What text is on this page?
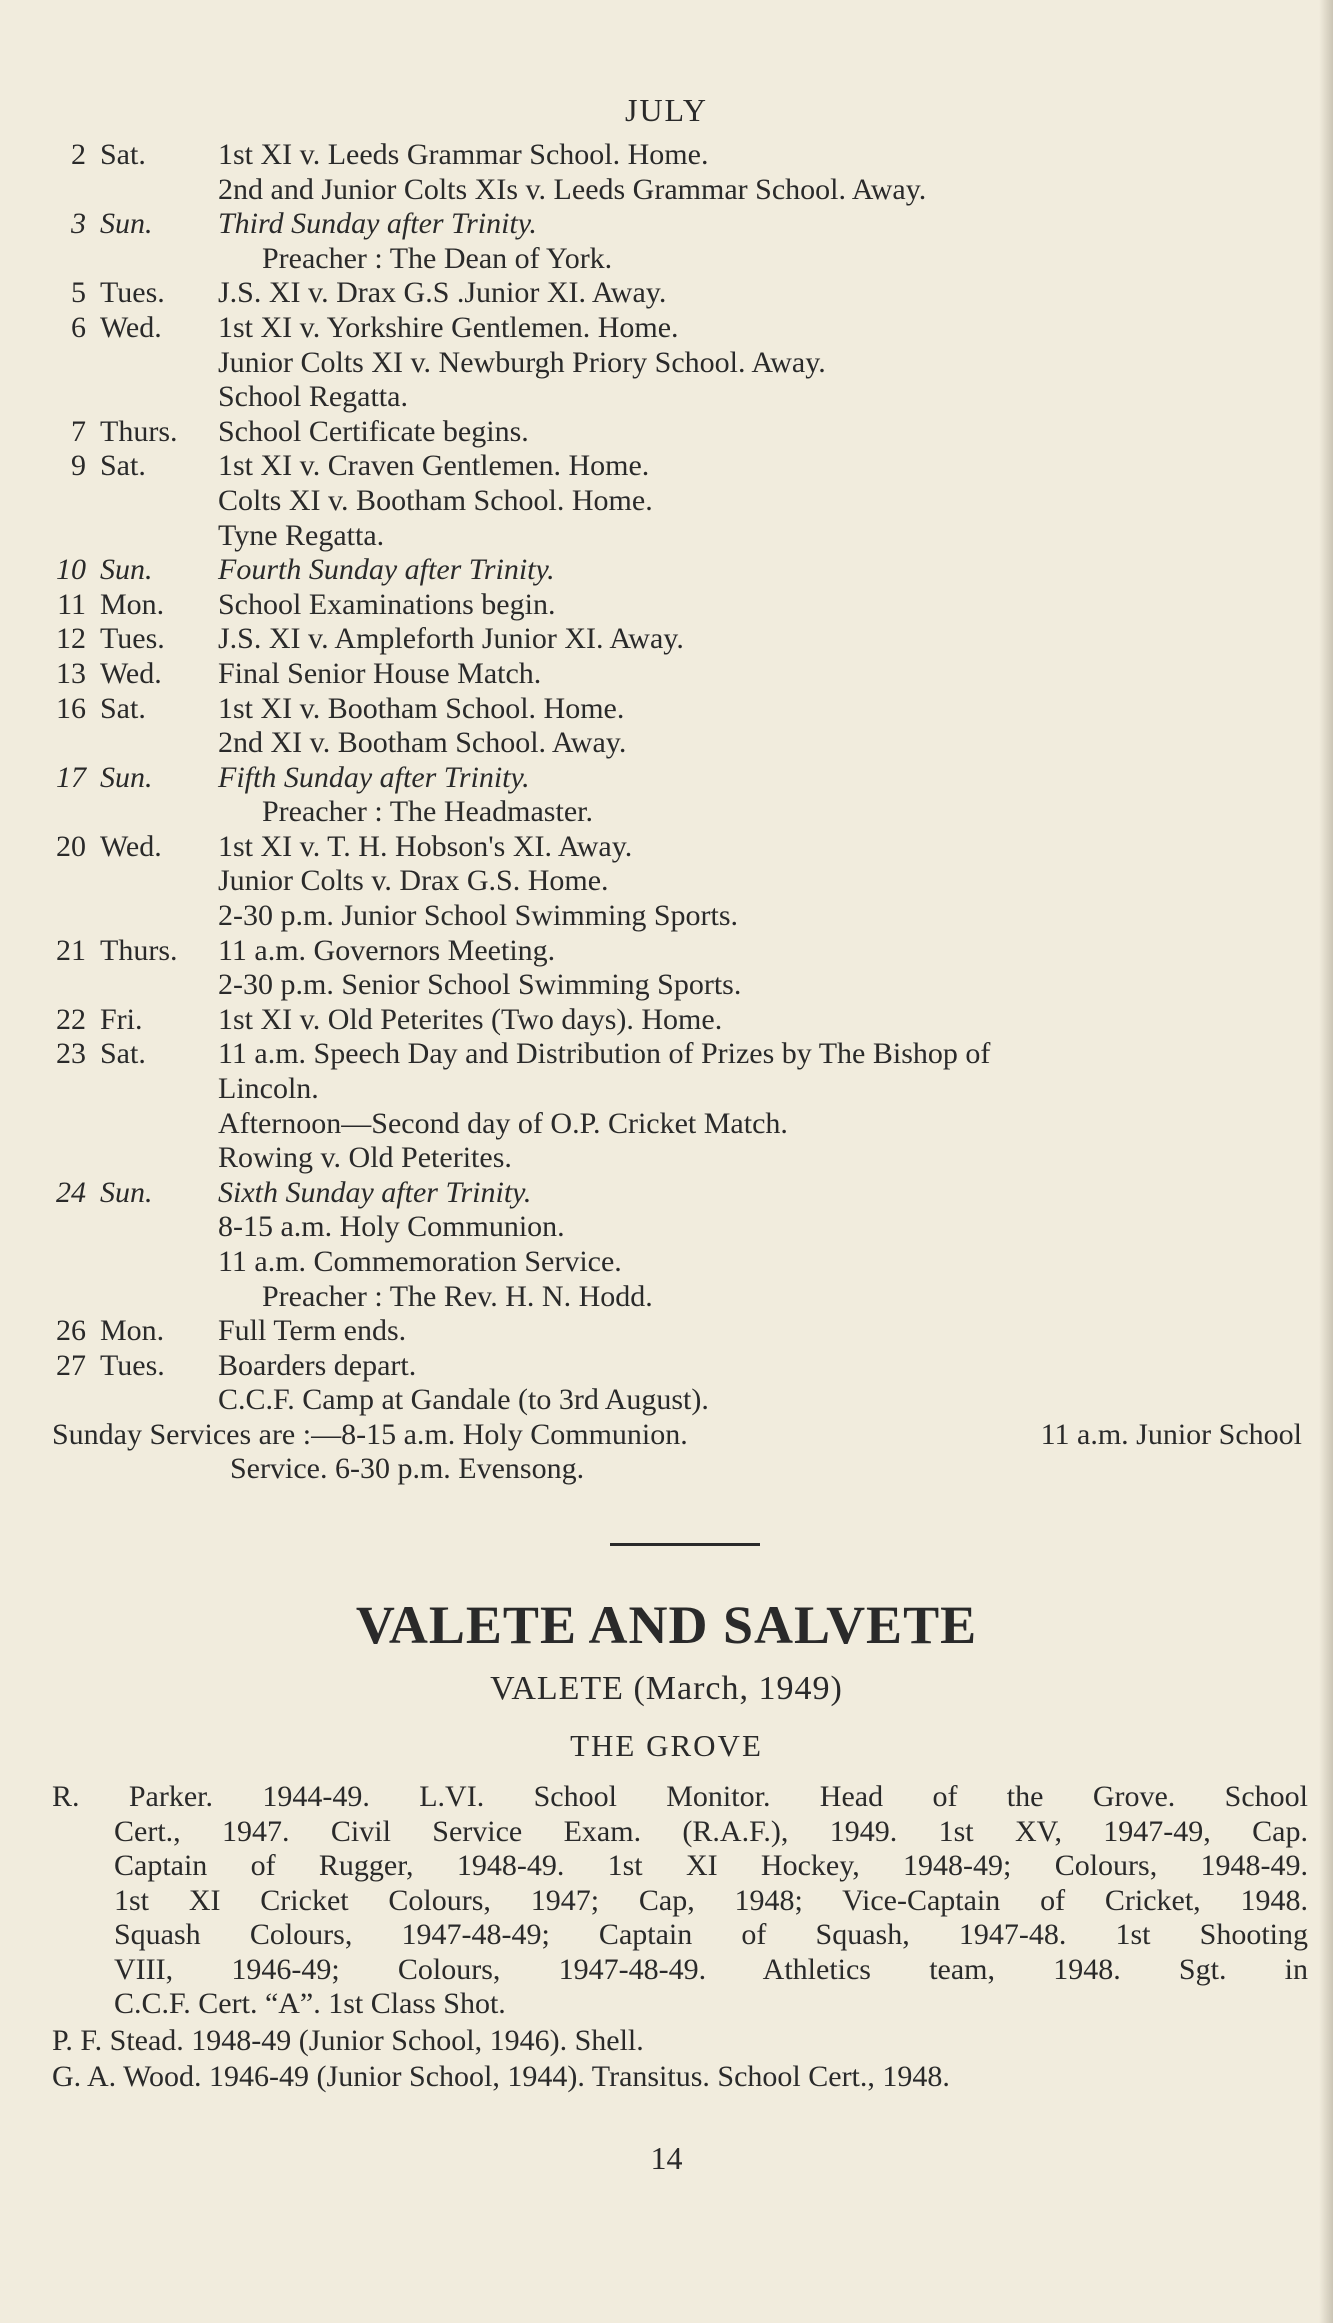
JULY
2 Sat. 1st XI v. Leeds Grammar School. Home.
2nd and Junior Colts XIs v. Leeds Grammar School. Away.
3 Sun. Third Sunday after Trinity.
Preacher : The Dean of York.
5 Tues. J.S. XI v. Drax G.S .Junior XI. Away.
6 Wed. 1st XI v. Yorkshire Gentlemen. Home.
Junior Colts XI v. Newburgh Priory School. Away.
School Regatta.
7 Thurs. School Certificate begins.
9 Sat. 1st XI v. Craven Gentlemen. Home.
Colts XI v. Bootham School. Home.
Tyne Regatta.
10 Sun. Fourth Sunday after Trinity.
11 Mon. School Examinations begin.
12 Tues. J.S. XI v. Ampleforth Junior XI. Away.
13 Wed. Final Senior House Match.
16 Sat. 1st XI v. Bootham School. Home.
2nd XI v. Bootham School. Away.
17 Sun. Fifth Sunday after Trinity.
Preacher : The Headmaster.
20 Wed. 1st XI v. T. H. Hobson's XI. Away.
Junior Colts v. Drax G.S. Home.
2-30 p.m. Junior School Swimming Sports.
21 Thurs. 11 a.m. Governors Meeting.
2-30 p.m. Senior School Swimming Sports.
22 Fri.	1st XI v. Old Peterites (Two days). Home.
23 Sat. 11 a.m. Speech Day and Distribution of Prizes by The Bishop of
Lincoln.
Afternoon—Second day of O.P. Cricket Match.
Rowing v. Old Peterites.
24 Sun. Sixth Sunday after Trinity.
8-15 a.m. Holy Communion.
11 a.m. Commemoration Service.
Preacher : The Rev. H. N. Hodd.
26 Mon. Full Term ends.
27 Tues. Boarders depart.
C.C.F. Camp at Gandale (to 3rd August).
Sunday Services are :—8-15 a.m. Holy Communion.	11 a.m. Junior School
Service. 6-30 p.m. Evensong.
VALETE AND SALVETE
VALETE (March, 1949)
THE GROVE
R. Parker. 1944-49. L.VI. School Monitor. Head of the Grove. School
Cert., 1947. Civil Service Exam. (R.A.F.), 1949. 1st XV, 1947-49, Cap.
Captain of Rugger, 1948-49. 1st XI Hockey, 1948-49; Colours, 1948-49.
1st XI Cricket Colours, 1947; Cap, 1948; Vice-Captain of Cricket, 1948.
Squash Colours, 1947-48-49; Captain of Squash, 1947-48. 1st Shooting
VIII, 1946-49; Colours, 1947-48-49. Athletics team, 1948. Sgt. in
C.C.F. Cert. “A”. 1st Class Shot.
P. F. Stead. 1948-49 (Junior School, 1946). Shell.
G. A. Wood. 1946-49 (Junior School, 1944). Transitus. School Cert., 1948.
14
